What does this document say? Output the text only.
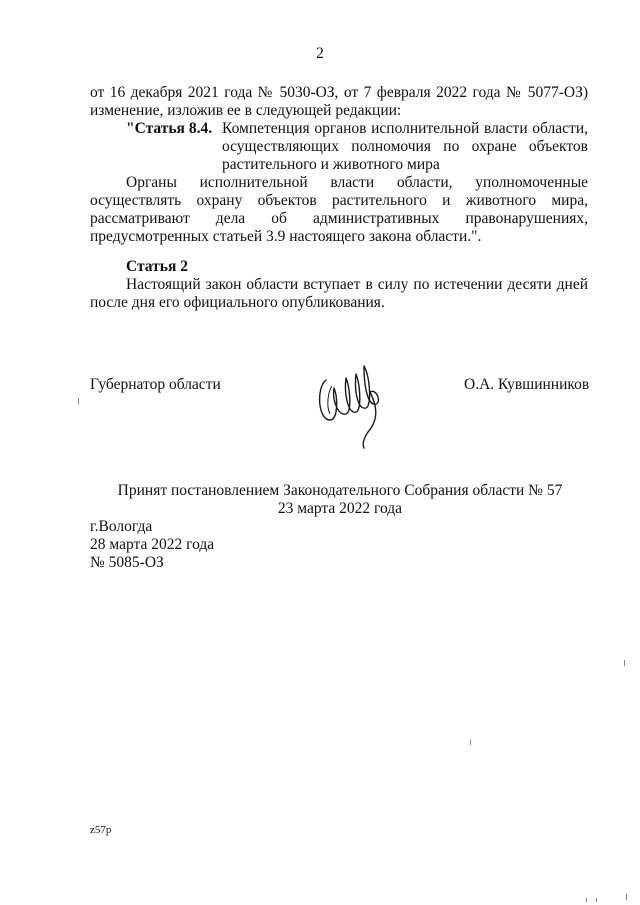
2
от 16 декабря 2021 года № 5030-ОЗ, от 7 февраля 2022 года № 5077-ОЗ)
изменение, изложив ее в следующей редакции:
"Статья 8.4. Компетенция органов исполнительной власти области,
осуществляющих полномочия по охране объектов
растительного и животного мира
Органы исполнительной власти области, уполномоченные
осуществлять охрану объектов растительного и животного мира,
рассматривают дела об административных правонарушениях,
предусмотренных статьей 3.9 настоящего закона области.".
Статья 2
Настоящий закон области вступает в силу по истечении десяти дней
после дня его официального опубликования.
Губернатор области	О.А. Кувшинников
Принят постановлением Законодательного Собрания области № 57
23 марта 2022 года
г.Вологда
28 марта 2022 года
№ 5085-ОЗ
z57p
